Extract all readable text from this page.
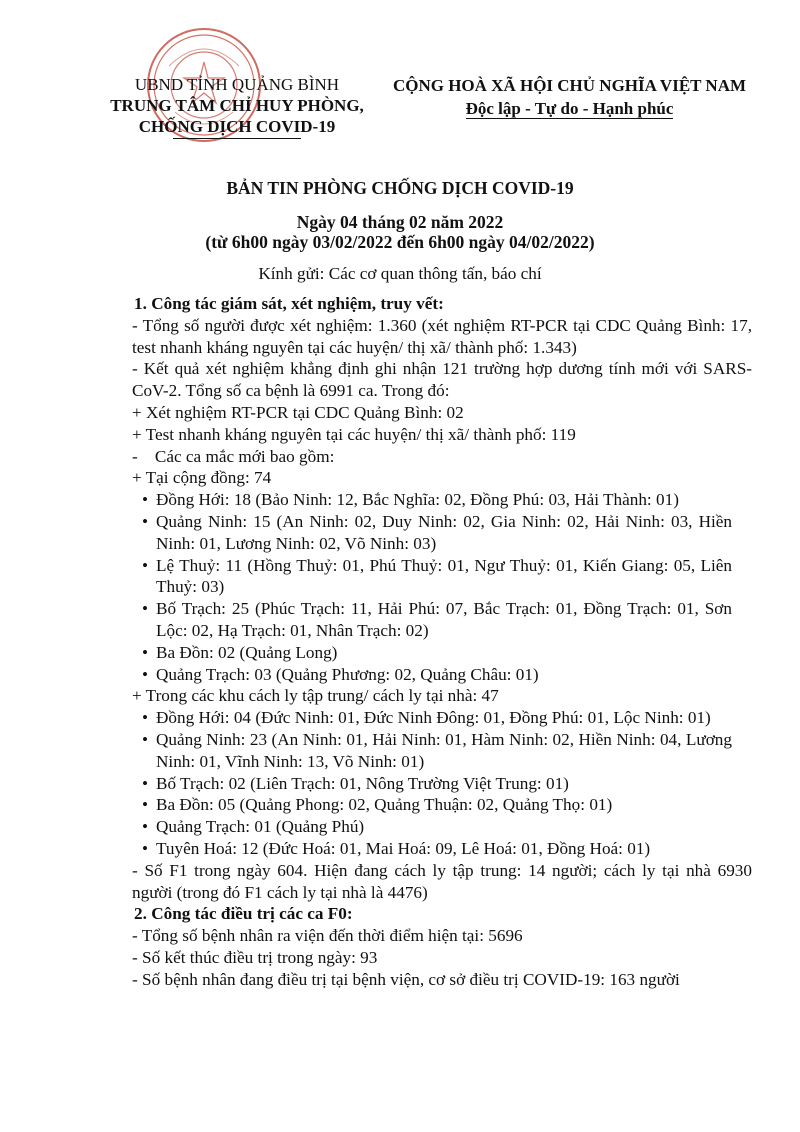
UBND TỈNH QUẢNG BÌNH
TRUNG TÂM CHỈ HUY PHÒNG,
CHỐNG DỊCH COVID-19
CỘNG HOÀ XÃ HỘI CHỦ NGHĨA VIỆT NAM
Độc lập - Tự do - Hạnh phúc
BẢN TIN PHÒNG CHỐNG DỊCH COVID-19
Ngày 04 tháng 02 năm 2022
(từ 6h00 ngày 03/02/2022 đến 6h00 ngày 04/02/2022)
Kính gửi: Các cơ quan thông tấn, báo chí

1. Công tác giám sát, xét nghiệm, truy vết:

- Tổng số người được xét nghiệm: 1.360 (xét nghiệm RT-PCR tại CDC Quảng Bình: 17, test nhanh kháng nguyên tại các huyện/ thị xã/ thành phố: 1.343)

- Kết quả xét nghiệm khẳng định ghi nhận 121 trường hợp dương tính mới với SARS-CoV-2. Tổng số ca bệnh là 6991 ca. Trong đó:

+ Xét nghiệm RT-PCR tại CDC Quảng Bình: 02

+ Test nhanh kháng nguyên tại các huyện/ thị xã/ thành phố: 119

-    Các ca mắc mới bao gồm:

+ Tại cộng đồng: 74

• Đồng Hới: 18 (Bảo Ninh: 12, Bắc Nghĩa: 02, Đồng Phú: 03, Hải Thành: 01)
• Quảng Ninh: 15 (An Ninh: 02, Duy Ninh: 02, Gia Ninh: 02, Hải Ninh: 03, Hiền Ninh: 01, Lương Ninh: 02, Võ Ninh: 03)
• Lệ Thuỷ: 11 (Hồng Thuỷ: 01, Phú Thuỷ: 01, Ngư Thuỷ: 01, Kiến Giang: 05, Liên Thuỷ: 03)
• Bố Trạch: 25 (Phúc Trạch: 11, Hải Phú: 07, Bắc Trạch: 01, Đồng Trạch: 01, Sơn Lộc: 02, Hạ Trạch: 01, Nhân Trạch: 02)
• Ba Đồn: 02 (Quảng Long)
• Quảng Trạch: 03 (Quảng Phương: 02, Quảng Châu: 01)

+ Trong các khu cách ly tập trung/ cách ly tại nhà: 47

• Đồng Hới: 04 (Đức Ninh: 01, Đức Ninh Đông: 01, Đồng Phú: 01, Lộc Ninh: 01)
• Quảng Ninh: 23 (An Ninh: 01, Hải Ninh: 01, Hàm Ninh: 02, Hiền Ninh: 04, Lương Ninh: 01, Vĩnh Ninh: 13, Võ Ninh: 01)
• Bố Trạch: 02 (Liên Trạch: 01, Nông Trường Việt Trung: 01)
• Ba Đồn: 05 (Quảng Phong: 02, Quảng Thuận: 02, Quảng Thọ: 01)
• Quảng Trạch: 01 (Quảng Phú)
• Tuyên Hoá: 12 (Đức Hoá: 01, Mai Hoá: 09, Lê Hoá: 01, Đồng Hoá: 01)

- Số F1 trong ngày 604. Hiện đang cách ly tập trung: 14 người; cách ly tại nhà 6930 người (trong đó F1 cách ly tại nhà là 4476)

2. Công tác điều trị các ca F0:

- Tổng số bệnh nhân ra viện đến thời điểm hiện tại: 5696

- Số kết thúc điều trị trong ngày: 93

- Số bệnh nhân đang điều trị tại bệnh viện, cơ sở điều trị COVID-19: 163 người
